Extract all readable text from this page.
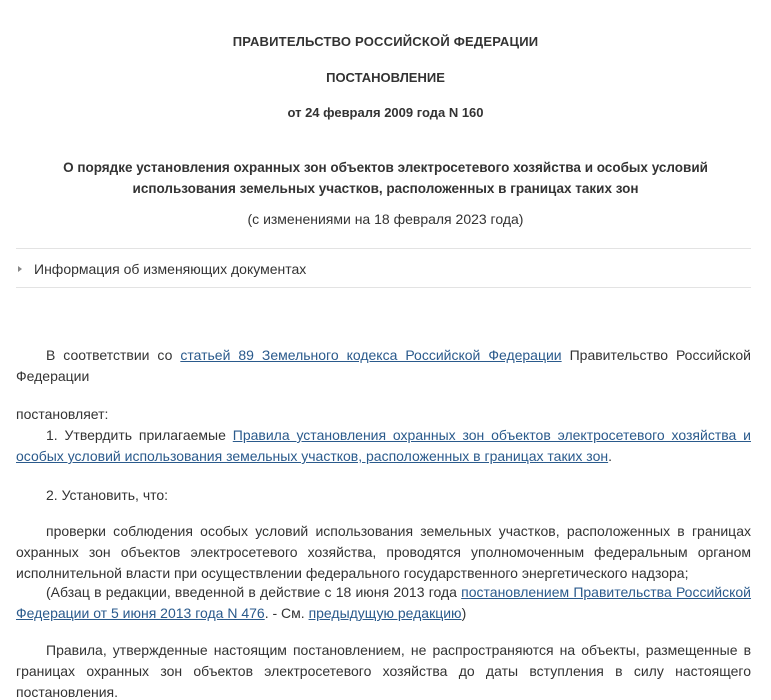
ПРАВИТЕЛЬСТВО РОССИЙСКОЙ ФЕДЕРАЦИИ
ПОСТАНОВЛЕНИЕ
от 24 февраля 2009 года N 160
О порядке установления охранных зон объектов электросетевого хозяйства и особых условий использования земельных участков, расположенных в границах таких зон
(с изменениями на 18 февраля 2023 года)
Информация об изменяющих документах
В соответствии со статьей 89 Земельного кодекса Российской Федерации Правительство Российской Федерации
постановляет:
1. Утвердить прилагаемые Правила установления охранных зон объектов электросетевого хозяйства и особых условий использования земельных участков, расположенных в границах таких зон.
2. Установить, что:
проверки соблюдения особых условий использования земельных участков, расположенных в границах охранных зон объектов электросетевого хозяйства, проводятся уполномоченным федеральным органом исполнительной власти при осуществлении федерального государственного энергетического надзора;
(Абзац в редакции, введенной в действие с 18 июня 2013 года постановлением Правительства Российской Федерации от 5 июня 2013 года N 476. - См. предыдущую редакцию)
Правила, утвержденные настоящим постановлением, не распространяются на объекты, размещенные в границах охранных зон объектов электросетевого хозяйства до даты вступления в силу настоящего постановления.
